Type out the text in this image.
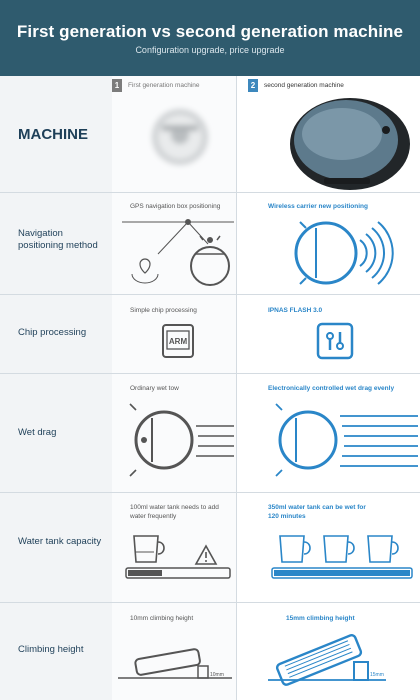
First generation vs second generation machine
Configuration upgrade, price upgrade
1	First generation machine	2	second generation machine
MACHINE
Navigation positioning method
GPS navigation box positioning	Wireless carrier new positioning
Chip processing
Simple chip processing	IPNAS FLASH 3.0
ARM
Wet drag
Ordinary wet tow	Electronically controlled wet drag evenly
Water tank capacity
100ml water tank needs to add water frequently
350ml water tank can be wet for 120 minutes
Climbing height
10mm climbing height	15mm climbing height
10mm	15mm
